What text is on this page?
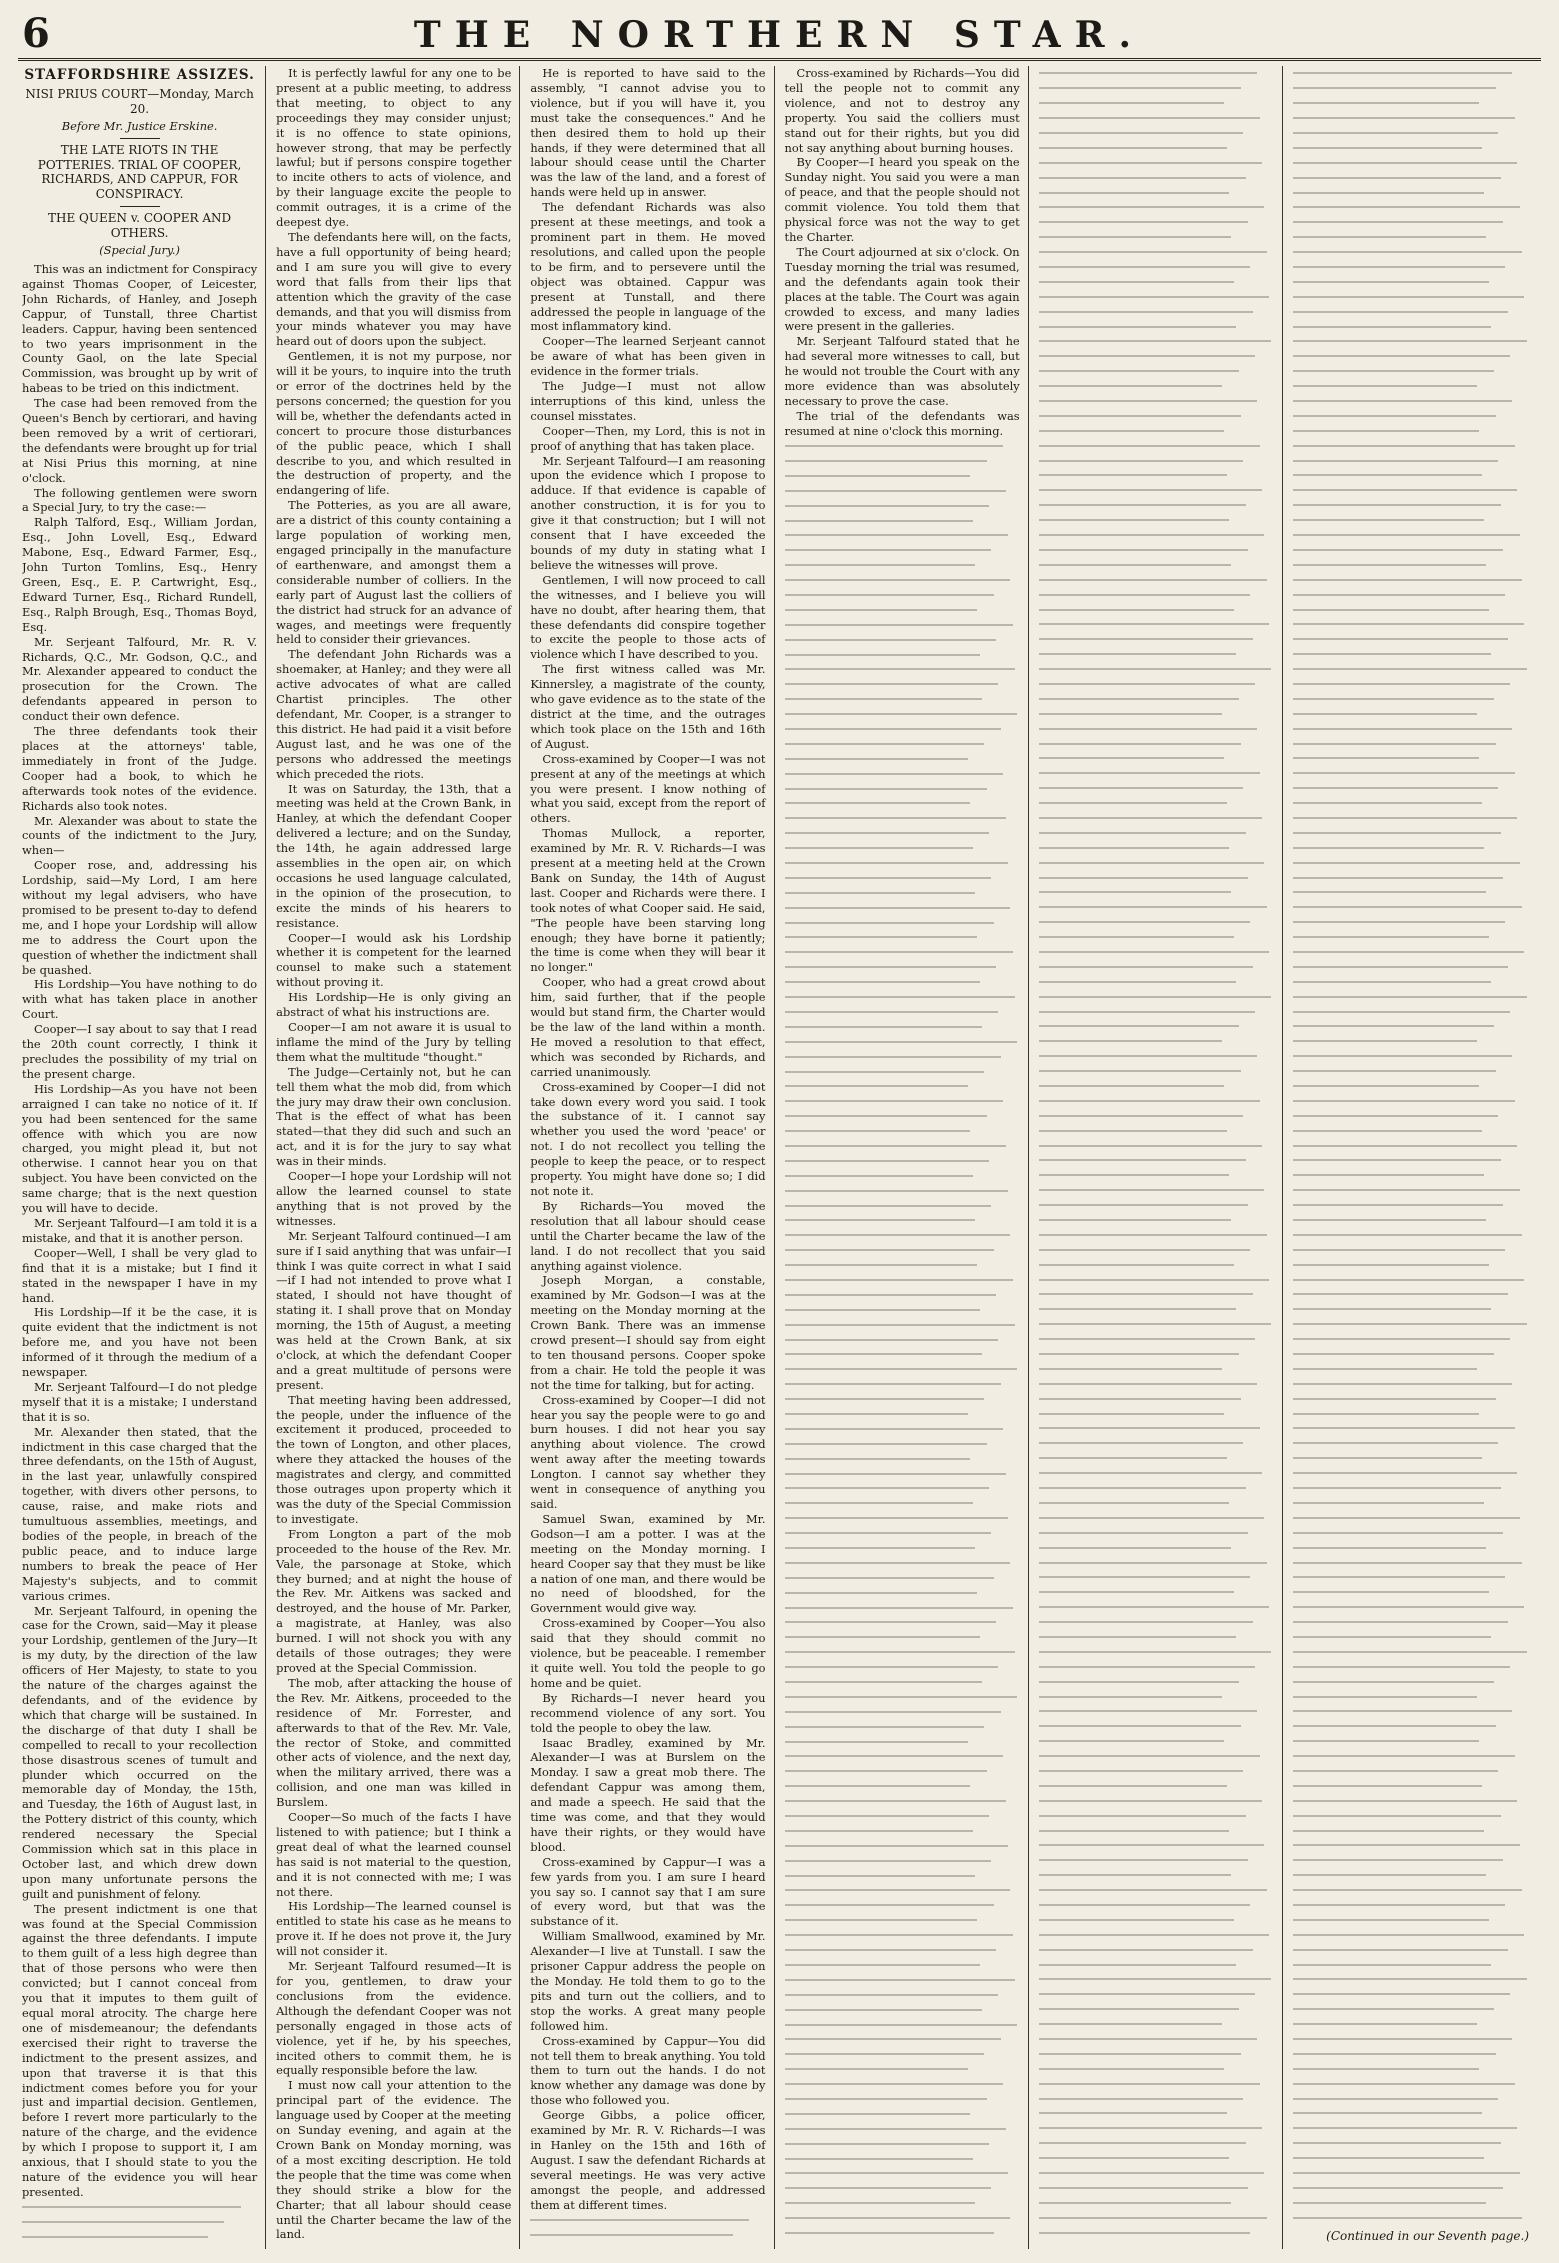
6	THE NORTHERN STAR.
STAFFORDSHIRE ASSIZES.
NISI PRIUS COURT—Monday, March 20.
Before Mr. Justice Erskine.
THE LATE RIOTS IN THE POTTERIES. TRIAL OF COOPER, RICHARDS, AND CAPPUR, FOR CONSPIRACY.
THE QUEEN v. COOPER AND OTHERS.
(Special Jury.)

This was an indictment for Conspiracy against Thomas Cooper, of Leicester, John Richards, of Hanley, and Joseph Cappur, of Tunstall, three Chartist leaders. Cappur, having been sentenced to two years imprisonment in the County Gaol, on the late Special Commission, was brought up by writ of habeas to be tried on this indictment.

The case had been removed from the Queen's Bench by certiorari, and having been removed by a writ of certiorari, the defendants were brought up for trial at Nisi Prius this morning, at nine o'clock.

The following gentlemen were sworn a Special Jury, to try the case:—

Ralph Talford, Esq., William Jordan, Esq., John Lovell, Esq., Edward Mabone, Esq., Edward Farmer, Esq., John Turton Tomlins, Esq., Henry Green, Esq., E. P. Cartwright, Esq., Edward Turner, Esq., Richard Rundell, Esq., Ralph Brough, Esq., Thomas Boyd, Esq.

Mr. Serjeant Talfourd, Mr. R. V. Richards, Q.C., Mr. Godson, Q.C., and Mr. Alexander appeared to conduct the prosecution for the Crown. The defendants appeared in person to conduct their own defence.

The three defendants took their places at the attorneys' table, immediately in front of the Judge. Cooper had a book, to which he afterwards took notes of the evidence. Richards also took notes.

Mr. Alexander was about to state the counts of the indictment to the Jury, when—

Cooper rose, and, addressing his Lordship, said—My Lord, I am here without my legal advisers, who have promised to be present to-day to defend me, and I hope your Lordship will allow me to address the Court upon the question of whether the indictment shall be quashed.

His Lordship—You have nothing to do with what has taken place in another Court.

Cooper—I say about to say that I read the 20th count correctly, I think it precludes the possibility of my trial on the present charge.

His Lordship—As you have not been arraigned I can take no notice of it. If you had been sentenced for the same offence with which you are now charged, you might plead it, but not otherwise. I cannot hear you on that subject. You have been convicted on the same charge; that is the next question you will have to decide.

Mr. Serjeant Talfourd—I am told it is a mistake, and that it is another person.

Cooper—Well, I shall be very glad to find that it is a mistake; but I find it stated in the newspaper I have in my hand.

His Lordship—If it be the case, it is quite evident that the indictment is not before me, and you have not been informed of it through the medium of a newspaper.

Mr. Serjeant Talfourd—I do not pledge myself that it is a mistake; I understand that it is so.

Mr. Alexander then stated, that the indictment in this case charged that the three defendants, on the 15th of August, in the last year, unlawfully conspired together, with divers other persons, to cause, raise, and make riots and tumultuous assemblies, meetings, and bodies of the people, in breach of the public peace, and to induce large numbers to break the peace of Her Majesty's subjects, and to commit various crimes.

Mr. Serjeant Talfourd, in opening the case for the Crown, said—May it please your Lordship, gentlemen of the Jury—It is my duty, by the direction of the law officers of Her Majesty, to state to you the nature of the charges against the defendants, and of the evidence by which that charge will be sustained. In the discharge of that duty I shall be compelled to recall to your recollection those disastrous scenes of tumult and plunder which occurred on the memorable day of Monday, the 15th, and Tuesday, the 16th of August last, in the Pottery district of this county, which rendered necessary the Special Commission which sat in this place in October last, and which drew down upon many unfortunate persons the guilt and punishment of felony.

The present indictment is one that was found at the Special Commission against the three defendants. I impute to them guilt of a less high degree than that of those persons who were then convicted; but I cannot conceal from you that it imputes to them guilt of equal moral atrocity. The charge here one of misdemeanour; the defendants exercised their right to traverse the indictment to the present assizes, and upon that traverse it is that this indictment comes before you for your just and impartial decision. Gentlemen, before I revert more particularly to the nature of the charge, and the evidence by which I propose to support it, I am anxious, that I should state to you the nature of the evidence you will hear presented.

It is perfectly lawful for any one to be present at a public meeting, to address that meeting, to object to any proceedings they may consider unjust; it is no offence to state opinions, however strong, that may be perfectly lawful; but if persons conspire together to incite others to acts of violence, and by their language excite the people to commit outrages, it is a crime of the deepest dye.

The defendants here will, on the facts, have a full opportunity of being heard; and I am sure you will give to every word that falls from their lips that attention which the gravity of the case demands, and that you will dismiss from your minds whatever you may have heard out of doors upon the subject.

Gentlemen, it is not my purpose, nor will it be yours, to inquire into the truth or error of the doctrines held by the persons concerned; the question for you will be, whether the defendants acted in concert to procure those disturbances of the public peace, which I shall describe to you, and which resulted in the destruction of property, and the endangering of life.

The Potteries, as you are all aware, are a district of this county containing a large population of working men, engaged principally in the manufacture of earthenware, and amongst them a considerable number of colliers. In the early part of August last the colliers of the district had struck for an advance of wages, and meetings were frequently held to consider their grievances.

The defendant John Richards was a shoemaker, at Hanley; and they were all active advocates of what are called Chartist principles. The other defendant, Mr. Cooper, is a stranger to this district. He had paid it a visit before August last, and he was one of the persons who addressed the meetings which preceded the riots.

It was on Saturday, the 13th, that a meeting was held at the Crown Bank, in Hanley, at which the defendant Cooper delivered a lecture; and on the Sunday, the 14th, he again addressed large assemblies in the open air, on which occasions he used language calculated, in the opinion of the prosecution, to excite the minds of his hearers to resistance.

Cooper—I would ask his Lordship whether it is competent for the learned counsel to make such a statement without proving it.

His Lordship—He is only giving an abstract of what his instructions are.

Cooper—I am not aware it is usual to inflame the mind of the Jury by telling them what the multitude "thought."

The Judge—Certainly not, but he can tell them what the mob did, from which the jury may draw their own conclusion. That is the effect of what has been stated—that they did such and such an act, and it is for the jury to say what was in their minds.

Cooper—I hope your Lordship will not allow the learned counsel to state anything that is not proved by the witnesses.

Mr. Serjeant Talfourd continued—I am sure if I said anything that was unfair—I think I was quite correct in what I said—if I had not intended to prove what I stated, I should not have thought of stating it. I shall prove that on Monday morning, the 15th of August, a meeting was held at the Crown Bank, at six o'clock, at which the defendant Cooper and a great multitude of persons were present.

That meeting having been addressed, the people, under the influence of the excitement it produced, proceeded to the town of Longton, and other places, where they attacked the houses of the magistrates and clergy, and committed those outrages upon property which it was the duty of the Special Commission to investigate.

From Longton a part of the mob proceeded to the house of the Rev. Mr. Vale, the parsonage at Stoke, which they burned; and at night the house of the Rev. Mr. Aitkens was sacked and destroyed, and the house of Mr. Parker, a magistrate, at Hanley, was also burned. I will not shock you with any details of those outrages; they were proved at the Special Commission.

The mob, after attacking the house of the Rev. Mr. Aitkens, proceeded to the residence of Mr. Forrester, and afterwards to that of the Rev. Mr. Vale, the rector of Stoke, and committed other acts of violence, and the next day, when the military arrived, there was a collision, and one man was killed in Burslem.

Cooper—So much of the facts I have listened to with patience; but I think a great deal of what the learned counsel has said is not material to the question, and it is not connected with me; I was not there.

His Lordship—The learned counsel is entitled to state his case as he means to prove it. If he does not prove it, the Jury will not consider it.

Mr. Serjeant Talfourd resumed—It is for you, gentlemen, to draw your conclusions from the evidence. Although the defendant Cooper was not personally engaged in those acts of violence, yet if he, by his speeches, incited others to commit them, he is equally responsible before the law.

I must now call your attention to the principal part of the evidence. The language used by Cooper at the meeting on Sunday evening, and again at the Crown Bank on Monday morning, was of a most exciting description. He told the people that the time was come when they should strike a blow for the Charter; that all labour should cease until the Charter became the law of the land.

He is reported to have said to the assembly, "I cannot advise you to violence, but if you will have it, you must take the consequences." And he then desired them to hold up their hands, if they were determined that all labour should cease until the Charter was the law of the land, and a forest of hands were held up in answer.

The defendant Richards was also present at these meetings, and took a prominent part in them. He moved resolutions, and called upon the people to be firm, and to persevere until the object was obtained. Cappur was present at Tunstall, and there addressed the people in language of the most inflammatory kind.

Cooper—The learned Serjeant cannot be aware of what has been given in evidence in the former trials.

The Judge—I must not allow interruptions of this kind, unless the counsel misstates.

Cooper—Then, my Lord, this is not in proof of anything that has taken place.

Mr. Serjeant Talfourd—I am reasoning upon the evidence which I propose to adduce. If that evidence is capable of another construction, it is for you to give it that construction; but I will not consent that I have exceeded the bounds of my duty in stating what I believe the witnesses will prove.

Gentlemen, I will now proceed to call the witnesses, and I believe you will have no doubt, after hearing them, that these defendants did conspire together to excite the people to those acts of violence which I have described to you.

The first witness called was Mr. Kinnersley, a magistrate of the county, who gave evidence as to the state of the district at the time, and the outrages which took place on the 15th and 16th of August.

Cross-examined by Cooper—I was not present at any of the meetings at which you were present. I know nothing of what you said, except from the report of others.

Thomas Mullock, a reporter, examined by Mr. R. V. Richards—I was present at a meeting held at the Crown Bank on Sunday, the 14th of August last. Cooper and Richards were there. I took notes of what Cooper said. He said, "The people have been starving long enough; they have borne it patiently; the time is come when they will bear it no longer."

Cooper, who had a great crowd about him, said further, that if the people would but stand firm, the Charter would be the law of the land within a month. He moved a resolution to that effect, which was seconded by Richards, and carried unanimously.

Cross-examined by Cooper—I did not take down every word you said. I took the substance of it. I cannot say whether you used the word 'peace' or not. I do not recollect you telling the people to keep the peace, or to respect property. You might have done so; I did not note it.

By Richards—You moved the resolution that all labour should cease until the Charter became the law of the land. I do not recollect that you said anything against violence.

Joseph Morgan, a constable, examined by Mr. Godson—I was at the meeting on the Monday morning at the Crown Bank. There was an immense crowd present—I should say from eight to ten thousand persons. Cooper spoke from a chair. He told the people it was not the time for talking, but for acting.

Cross-examined by Cooper—I did not hear you say the people were to go and burn houses. I did not hear you say anything about violence. The crowd went away after the meeting towards Longton. I cannot say whether they went in consequence of anything you said.

Samuel Swan, examined by Mr. Godson—I am a potter. I was at the meeting on the Monday morning. I heard Cooper say that they must be like a nation of one man, and there would be no need of bloodshed, for the Government would give way.

Cross-examined by Cooper—You also said that they should commit no violence, but be peaceable. I remember it quite well. You told the people to go home and be quiet.

By Richards—I never heard you recommend violence of any sort. You told the people to obey the law.

Isaac Bradley, examined by Mr. Alexander—I was at Burslem on the Monday. I saw a great mob there. The defendant Cappur was among them, and made a speech. He said that the time was come, and that they would have their rights, or they would have blood.

Cross-examined by Cappur—I was a few yards from you. I am sure I heard you say so. I cannot say that I am sure of every word, but that was the substance of it.

William Smallwood, examined by Mr. Alexander—I live at Tunstall. I saw the prisoner Cappur address the people on the Monday. He told them to go to the pits and turn out the colliers, and to stop the works. A great many people followed him.

Cross-examined by Cappur—You did not tell them to break anything. You told them to turn out the hands. I do not know whether any damage was done by those who followed you.

George Gibbs, a police officer, examined by Mr. R. V. Richards—I was in Hanley on the 15th and 16th of August. I saw the defendant Richards at several meetings. He was very active amongst the people, and addressed them at different times.

Cross-examined by Richards—You did tell the people not to commit any violence, and not to destroy any property. You said the colliers must stand out for their rights, but you did not say anything about burning houses.

By Cooper—I heard you speak on the Sunday night. You said you were a man of peace, and that the people should not commit violence. You told them that physical force was not the way to get the Charter.

The Court adjourned at six o'clock. On Tuesday morning the trial was resumed, and the defendants again took their places at the table. The Court was again crowded to excess, and many ladies were present in the galleries.

Mr. Serjeant Talfourd stated that he had several more witnesses to call, but he would not trouble the Court with any more evidence than was absolutely necessary to prove the case.

The trial of the defendants was resumed at nine o'clock this morning.

(Continued in our Seventh page.)
